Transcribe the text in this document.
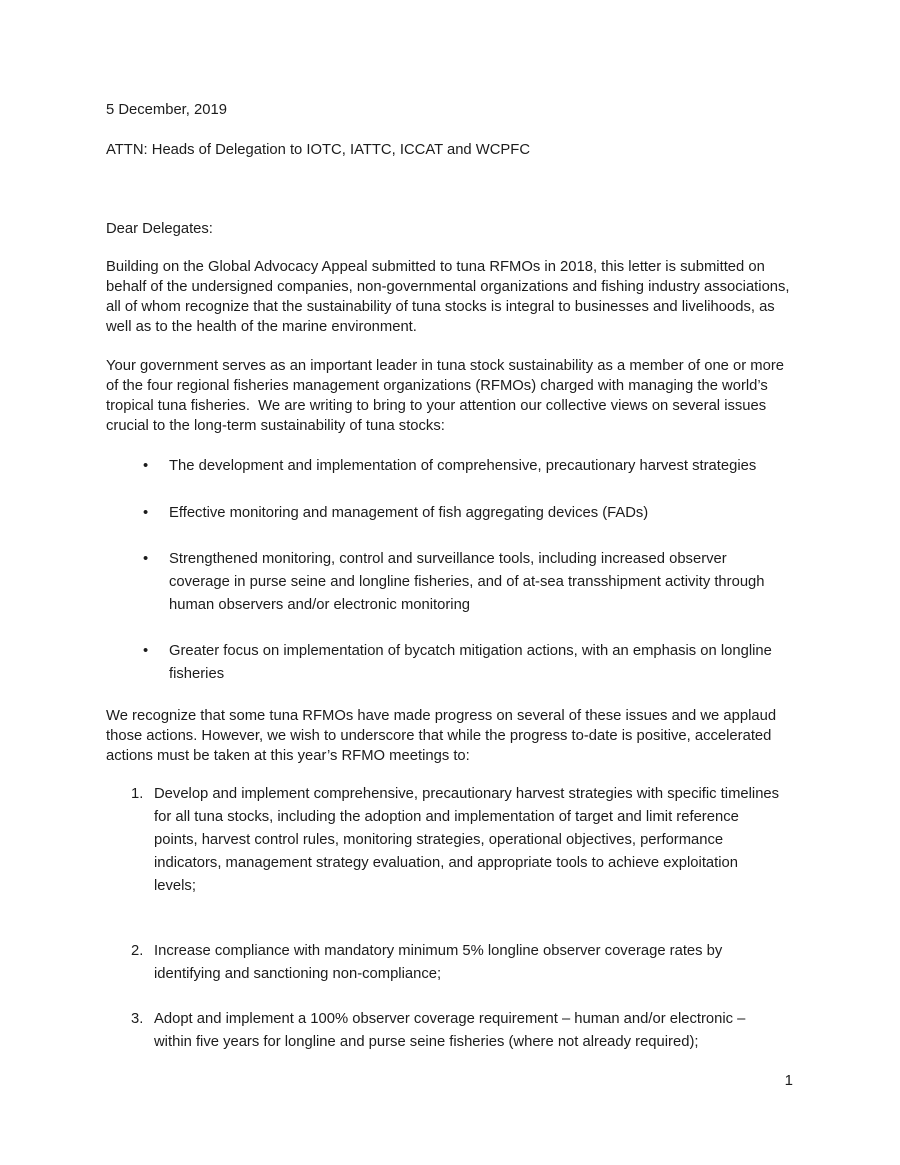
5 December, 2019
ATTN: Heads of Delegation to IOTC, IATTC, ICCAT and WCPFC
Dear Delegates:
Building on the Global Advocacy Appeal submitted to tuna RFMOs in 2018, this letter is submitted on behalf of the undersigned companies, non-governmental organizations and fishing industry associations, all of whom recognize that the sustainability of tuna stocks is integral to businesses and livelihoods, as well as to the health of the marine environment.
Your government serves as an important leader in tuna stock sustainability as a member of one or more of the four regional fisheries management organizations (RFMOs) charged with managing the world’s tropical tuna fisheries.  We are writing to bring to your attention our collective views on several issues crucial to the long-term sustainability of tuna stocks:
•	The development and implementation of comprehensive, precautionary harvest strategies
•	Effective monitoring and management of fish aggregating devices (FADs)
•	Strengthened monitoring, control and surveillance tools, including increased observer coverage in purse seine and longline fisheries, and of at-sea transshipment activity through human observers and/or electronic monitoring
•	Greater focus on implementation of bycatch mitigation actions, with an emphasis on longline fisheries
We recognize that some tuna RFMOs have made progress on several of these issues and we applaud those actions. However, we wish to underscore that while the progress to-date is positive, accelerated actions must be taken at this year’s RFMO meetings to:
1. Develop and implement comprehensive, precautionary harvest strategies with specific timelines for all tuna stocks, including the adoption and implementation of target and limit reference points, harvest control rules, monitoring strategies, operational objectives, performance indicators, management strategy evaluation, and appropriate tools to achieve exploitation levels;
2. Increase compliance with mandatory minimum 5% longline observer coverage rates by identifying and sanctioning non-compliance;
3. Adopt and implement a 100% observer coverage requirement – human and/or electronic – within five years for longline and purse seine fisheries (where not already required);
1
